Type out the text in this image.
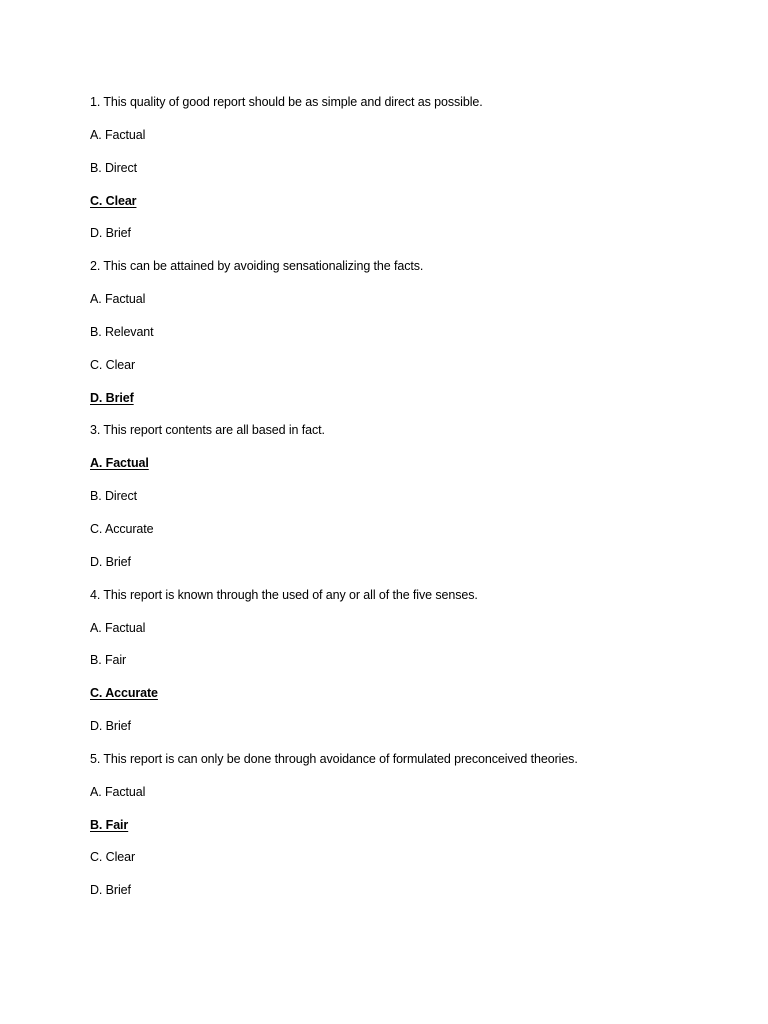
1. This quality of good report should be as simple and direct as possible.
A. Factual
B. Direct
C. Clear
D. Brief
2. This can be attained by avoiding sensationalizing the facts.
A. Factual
B. Relevant
C. Clear
D. Brief
3. This report contents are all based in fact.
A. Factual
B. Direct
C. Accurate
D. Brief
4. This report is known through the used of any or all of the five senses.
A. Factual
B. Fair
C. Accurate
D. Brief
5. This report is can only be done through avoidance of formulated preconceived theories.
A. Factual
B. Fair
C. Clear
D. Brief
